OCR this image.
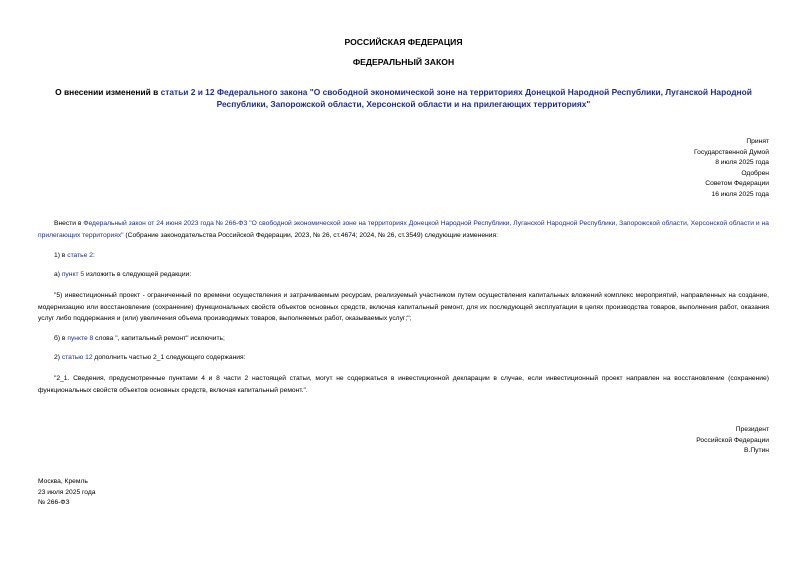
РОССИЙСКАЯ ФЕДЕРАЦИЯ
ФЕДЕРАЛЬНЫЙ ЗАКОН
О внесении изменений в статьи 2 и 12 Федерального закона "О свободной экономической зоне на территориях Донецкой Народной Республики, Луганской Народной Республики, Запорожской области, Херсонской области и на прилегающих территориях"
Принят
Государственной Думой
8 июля 2025 года
Одобрен
Советом Федерации
16 июля 2025 года
Внести в Федеральный закон от 24 июня 2023 года № 266-ФЗ "О свободной экономической зоне на территориях Донецкой Народной Республики, Луганской Народной Республики, Запорожской области, Херсонской области и на прилегающих территориях" (Собрание законодательства Российской Федерации, 2023, № 26, ст.4674; 2024, № 26, ст.3549) следующие изменения:
1) в статье 2:
а) пункт 5 изложить в следующей редакции:
"5) инвестиционный проект - ограниченный по времени осуществления и затрачиваемым ресурсам, реализуемый участником путем осуществления капитальных вложений комплекс мероприятий, направленных на создание, модернизацию или восстановление (сохранение) функциональных свойств объектов основных средств, включая капитальный ремонт, для их последующей эксплуатации в целях производства товаров, выполнения работ, оказания услуг либо поддержания и (или) увеличения объема производимых товаров, выполняемых работ, оказываемых услуг;";
б) в пункте 8 слова ", капитальный ремонт" исключить;
2) статью 12 дополнить частью 2_1 следующего содержания:
"2_1. Сведения, предусмотренные пунктами 4 и 8 части 2 настоящей статьи, могут не содержаться в инвестиционной декларации в случае, если инвестиционный проект направлен на восстановление (сохранение) функциональных свойств объектов основных средств, включая капитальный ремонт.".
Президент
Российской Федерации
В.Путин
Москва, Кремль
23 июля 2025 года
№ 266-ФЗ
